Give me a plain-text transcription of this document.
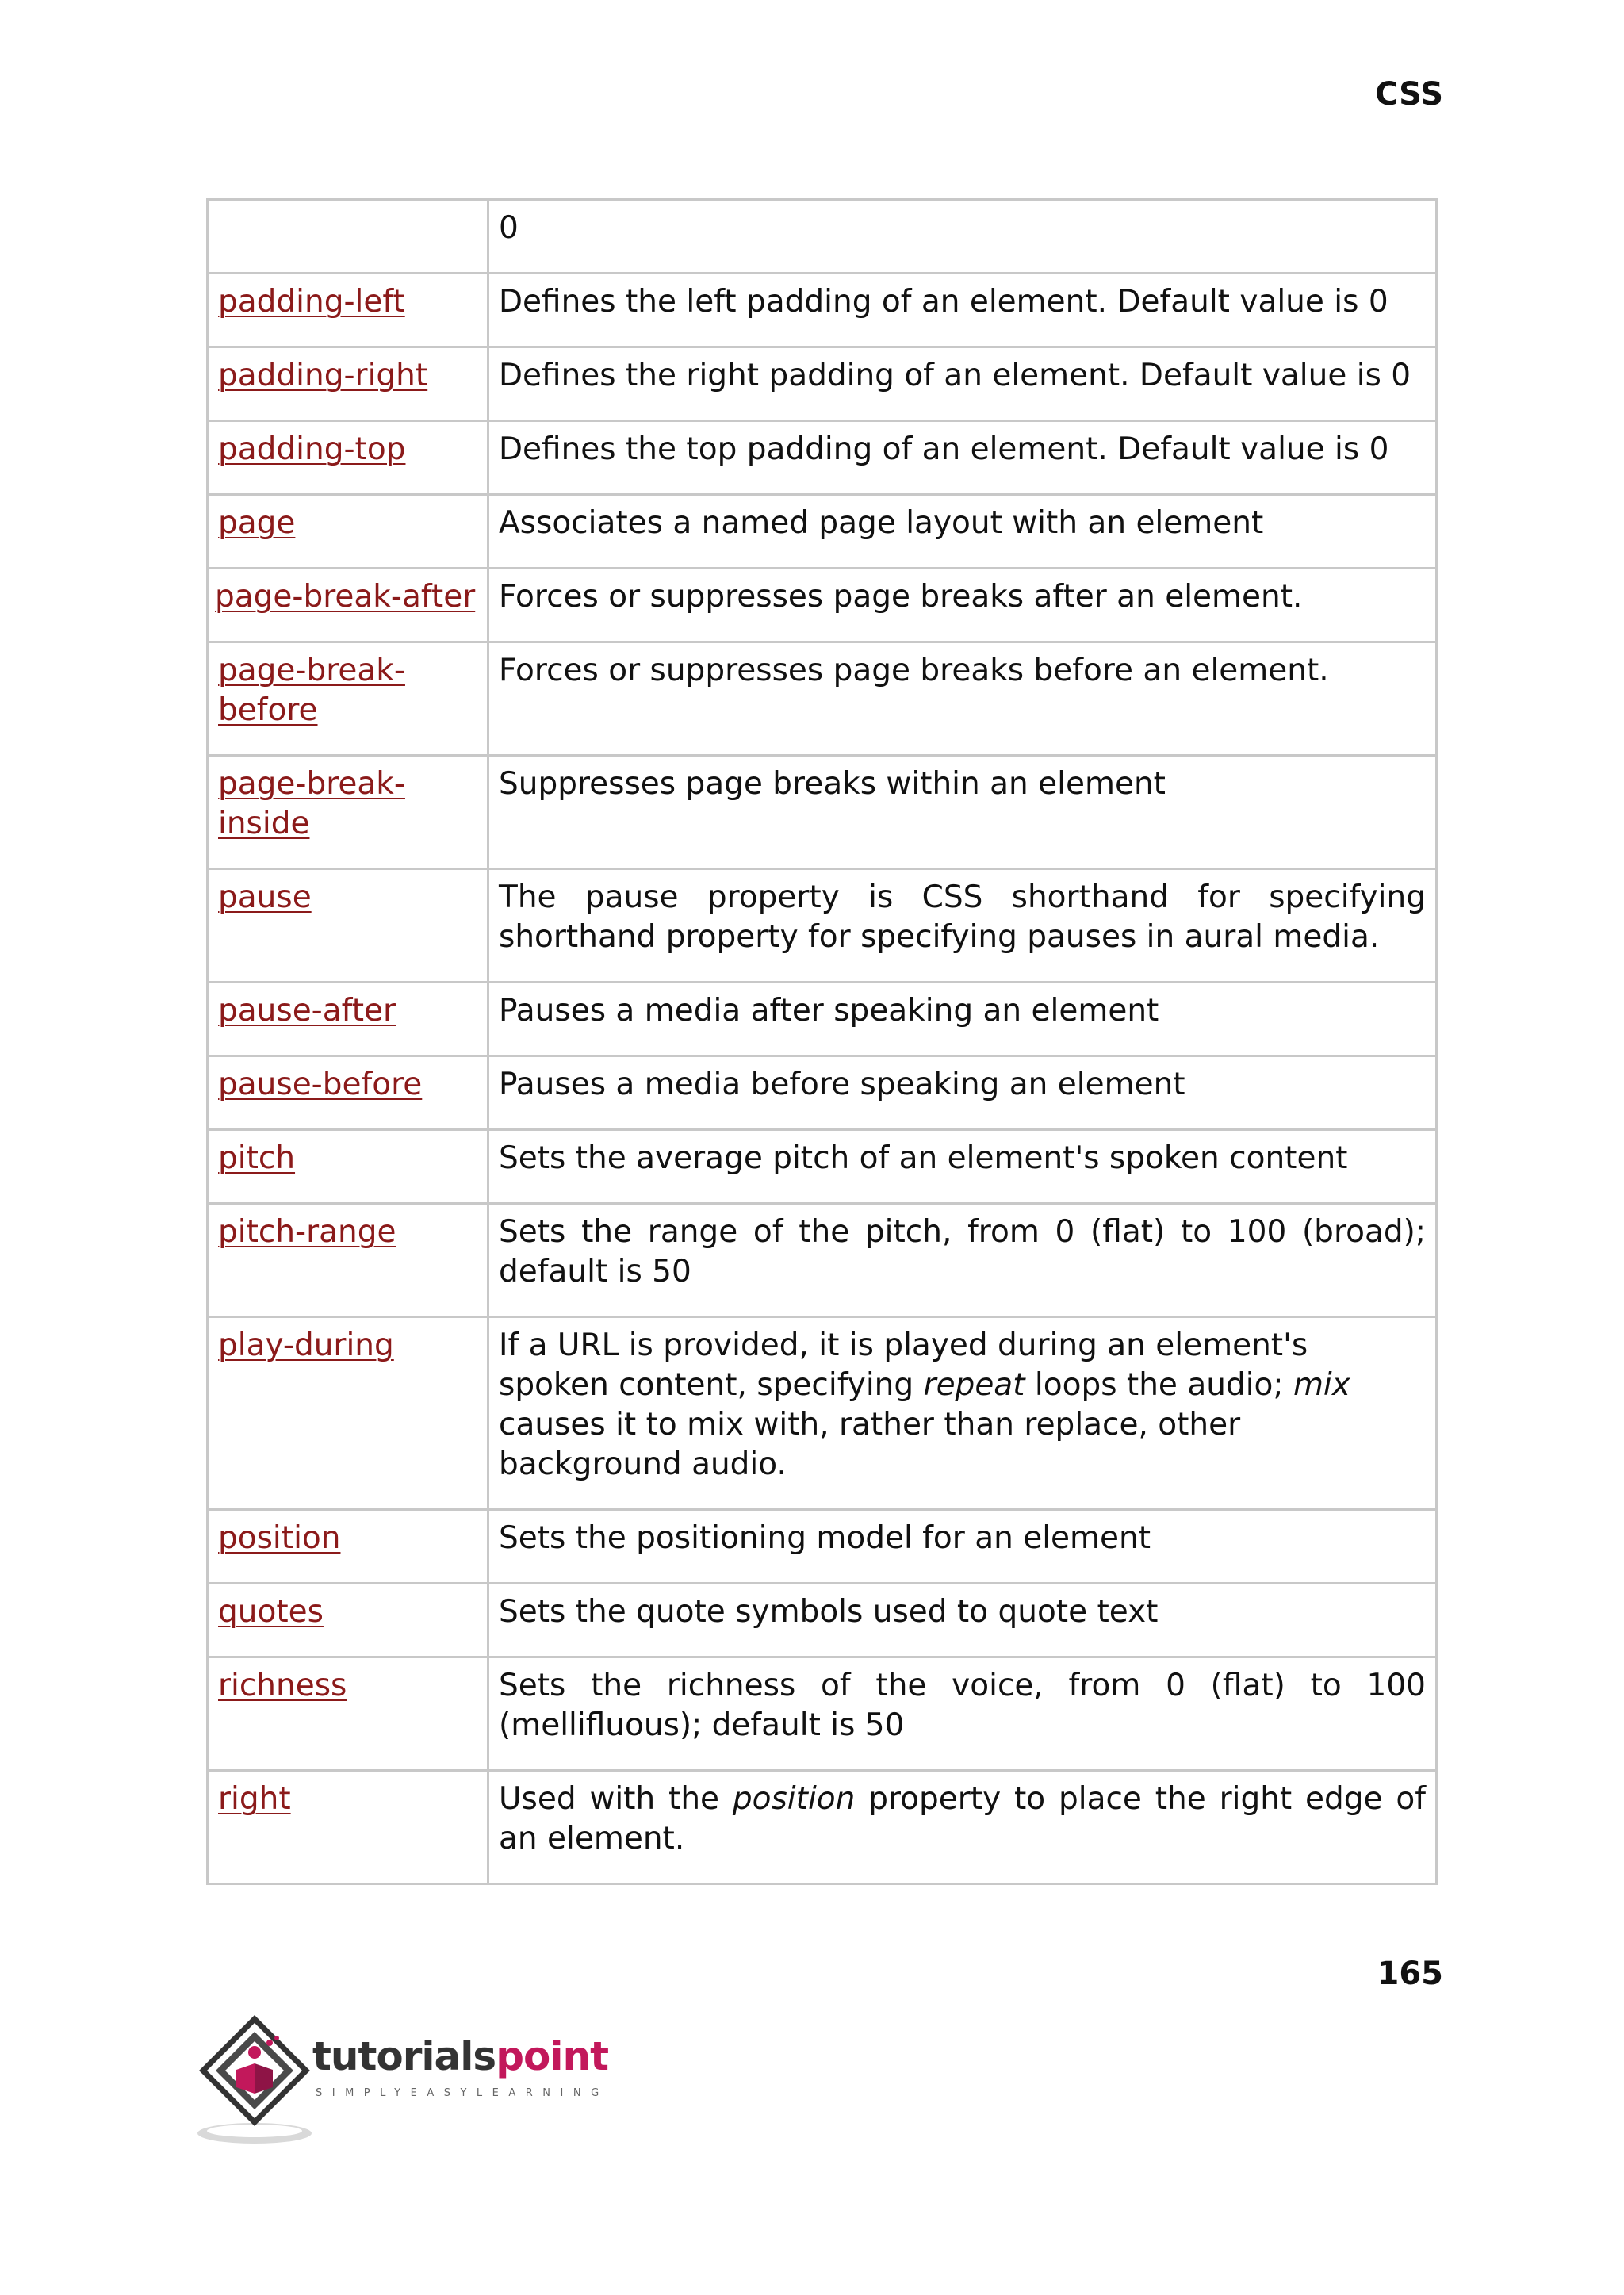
CSS
	0
padding-left	Defines the left padding of an element. Default value is 0
padding-right	Defines the right padding of an element. Default value is 0
padding-top	Defines the top padding of an element. Default value is 0
page	Associates a named page layout with an element
page-break-after	Forces or suppresses page breaks after an element.
page-break-
before	Forces or suppresses page breaks before an element.
page-break-
inside	Suppresses page breaks within an element
pause	The pause property is CSS shorthand for specifying shorthand property for specifying pauses in aural media.
pause-after	Pauses a media after speaking an element
pause-before	Pauses a media before speaking an element
pitch	Sets the average pitch of an element's spoken content
pitch-range	Sets the range of the pitch, from 0 (flat) to 100 (broad); default is 50
play-during	If a URL is provided, it is played during an element's spoken content, specifying repeat loops the audio; mix causes it to mix with, rather than replace, other background audio.
position	Sets the positioning model for an element
quotes	Sets the quote symbols used to quote text
richness	Sets the richness of the voice, from 0 (flat) to 100 (mellifluous); default is 50
right	Used with the position property to place the right edge of an element.
165
tutorialspoint
SIMPLYEASYLEARNING
